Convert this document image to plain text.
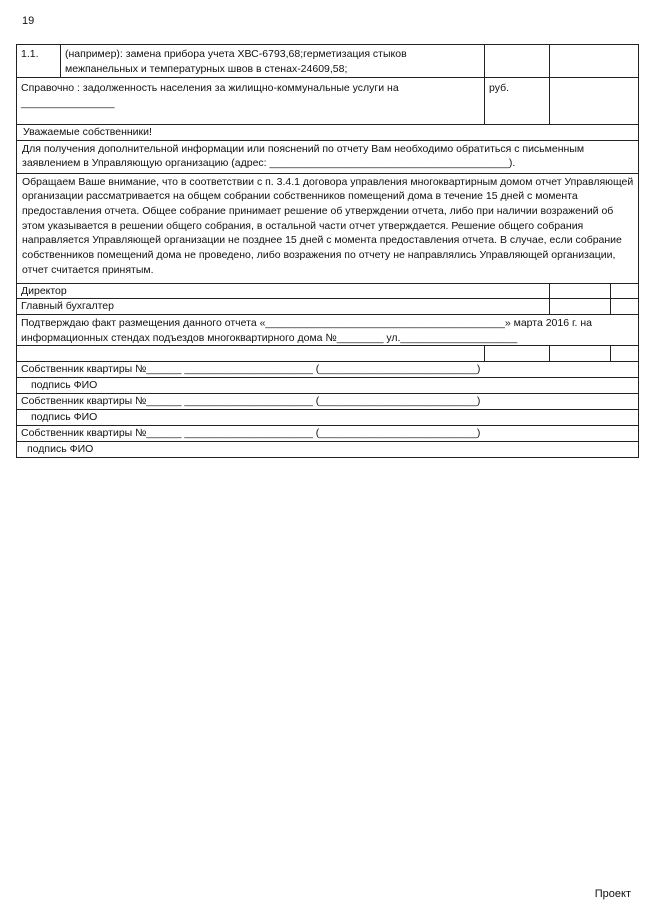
19
1.1.	(например): замена прибора учета ХВС-6793,68;герметизация стыков межпанельных и температурных швов в стенах-24609,58;			
Справочно : задолженность населения за жилищно-коммунальные услуги на ________________		руб.		
Уважаемые собственники!				
Для получения дополнительной информации или пояснений по отчету Вам необходимо обратиться с письменным заявлением в Управляющую организацию (адрес: _________________________________________).				
Обращаем Ваше внимание, что в соответствии с п. 3.4.1 договора управления многоквартирным домом отчет Управляющей организации рассматривается на общем собрании собственников помещений дома в течение 15 дней с момента предоставления отчета. Общее собрание принимает решение об утверждении отчета, либо при наличии возражений об этом указывается в решении общего собрания, в остальной части отчет утверждается. Решение общего собрания направляется Управляющей организации не позднее 15 дней с момента предоставления отчета. В случае, если собрание собственников помещений дома не проведено, либо возражения по отчету не направлялись Управляющей организации, отчет считается принятым.				
Директор				
Главный бухгалтер				
Подтверждаю факт размещения данного отчета «_________________________________________» марта 2016 г. на информационных стендах подъездов многоквартирного дома №________ ул.____________________				

Собственник квартиры №______ ______________________ (___________________________)				
подпись ФИО				
Собственник квартиры №______ ______________________ (___________________________)				
подпись ФИО				
Собственник квартиры №______ ______________________ (___________________________)				
подпись ФИО				
Проект
